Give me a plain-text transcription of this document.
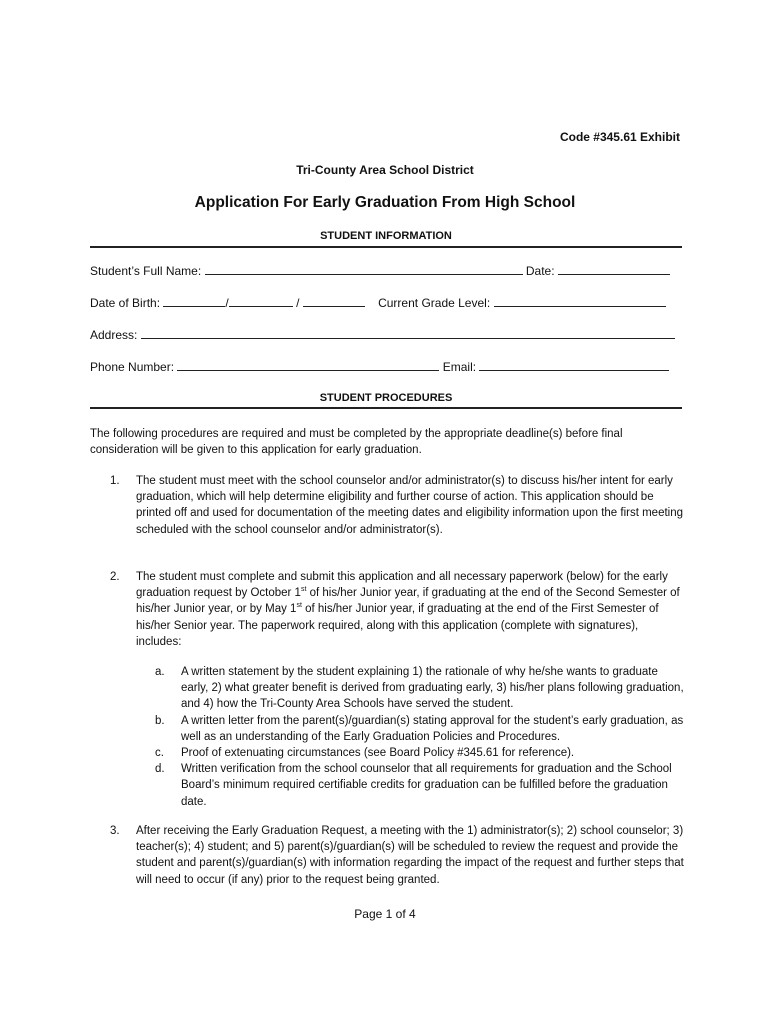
Code #345.61 Exhibit
Tri-County Area School District
Application For Early Graduation From High School
STUDENT INFORMATION
Student’s Full Name:	Date:
Date of Birth:	/	/	Current Grade Level:
Address:
Phone Number:	Email:
STUDENT PROCEDURES
The following procedures are required and must be completed by the appropriate deadline(s) before final consideration will be given to this application for early graduation.
1.	The student must meet with the school counselor and/or administrator(s) to discuss his/her intent for early graduation, which will help determine eligibility and further course of action. This application should be printed off and used for documentation of the meeting dates and eligibility information upon the first meeting scheduled with the school counselor and/or administrator(s).
2.	The student must complete and submit this application and all necessary paperwork (below) for the early graduation request by October 1st of his/her Junior year, if graduating at the end of the Second Semester of his/her Junior year, or by May 1st of his/her Junior year, if graduating at the end of the First Semester of his/her Senior year. The paperwork required, along with this application (complete with signatures), includes:
a.	A written statement by the student explaining 1) the rationale of why he/she wants to graduate early, 2) what greater benefit is derived from graduating early, 3) his/her plans following graduation, and 4) how the Tri-County Area Schools have served the student.
b.	A written letter from the parent(s)/guardian(s) stating approval for the student’s early graduation, as well as an understanding of the Early Graduation Policies and Procedures.
c.	Proof of extenuating circumstances (see Board Policy #345.61 for reference).
d.	Written verification from the school counselor that all requirements for graduation and the School Board’s minimum required certifiable credits for graduation can be fulfilled before the graduation date.
3.	After receiving the Early Graduation Request, a meeting with the 1) administrator(s); 2) school counselor; 3) teacher(s); 4) student; and 5) parent(s)/guardian(s) will be scheduled to review the request and provide the student and parent(s)/guardian(s) with information regarding the impact of the request and further steps that will need to occur (if any) prior to the request being granted.
Page 1 of 4
